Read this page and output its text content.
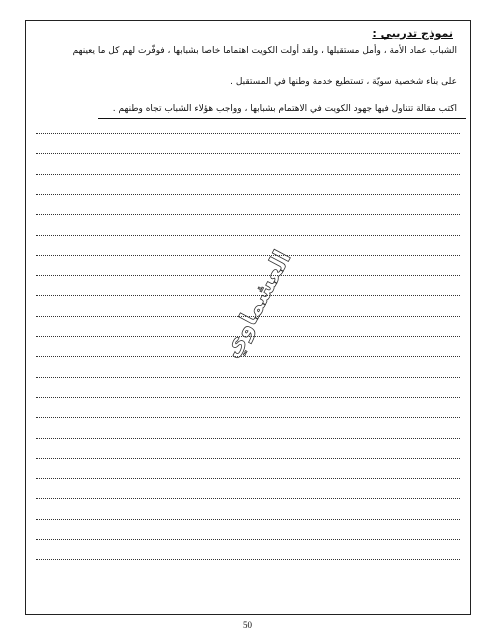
نموذج تدريبي :
الشباب عماد الأمة ، وأمل مستقبلها ، ولقد أولت الكويت اهتماما خاصا بشبابها ، فوفّرت لهم كل ما يعينهم
على بناء شخصية سويّة ، تستطيع خدمة وطنها في المستقبل .
اكتب مقالة تتناول فيها جهود الكويت في الاهتمام بشبابها ، وواجب هؤلاء الشباب تجاه وطنهم .
العشماوي
50
